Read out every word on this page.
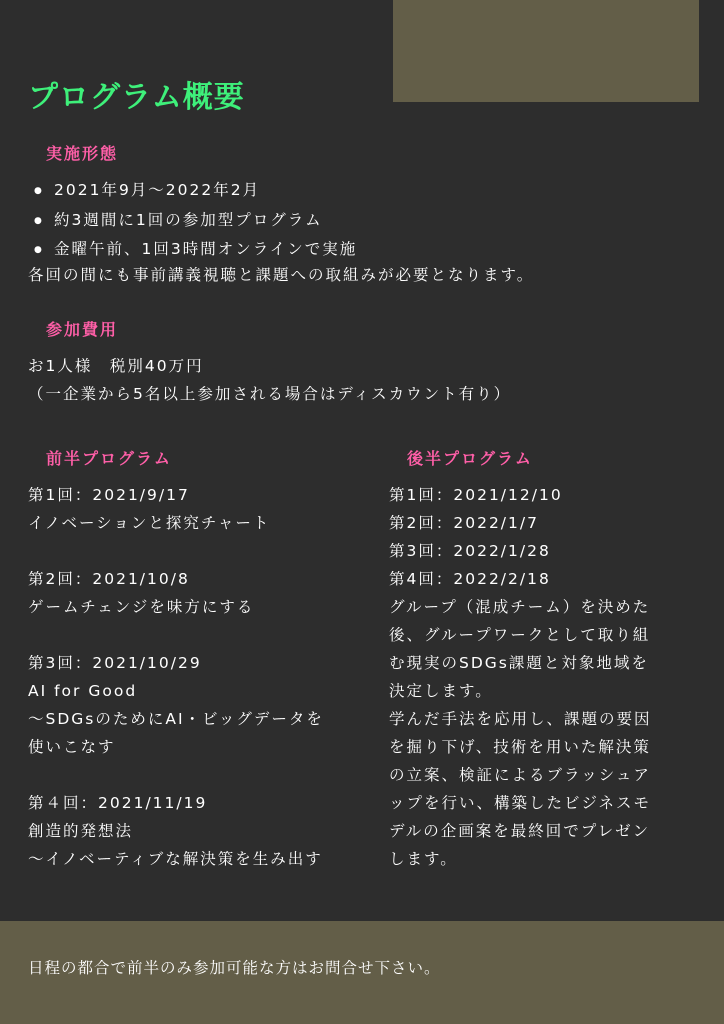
プログラム概要
実施形態
● 2021年9月〜2022年2月
● 約3週間に1回の参加型プログラム
● 金曜午前、1回3時間オンラインで実施
各回の間にも事前講義視聴と課題への取組みが必要となります。
参加費用
お1人様　税別40万円
（一企業から5名以上参加される場合はディスカウント有り）
前半プログラム
第1回：2021/9/17
イノベーションと探究チャート
第2回：2021/10/8
ゲームチェンジを味方にする
第3回：2021/10/29
AI for Good
〜SDGsのためにAI・ビッグデータを
使いこなす
第４回：2021/11/19
創造的発想法
〜イノベーティブな解決策を生み出す
後半プログラム
第1回：2021/12/10
第2回：2022/1/7
第3回：2022/1/28
第4回：2022/2/18
グループ（混成チーム）を決めた
後、グループワークとして取り組
む現実のSDGs課題と対象地域を
決定します。
学んだ手法を応用し、課題の要因
を掘り下げ、技術を用いた解決策
の立案、検証によるブラッシュア
ップを行い、構築したビジネスモ
デルの企画案を最終回でプレゼン
します。
日程の都合で前半のみ参加可能な方はお問合せ下さい。
